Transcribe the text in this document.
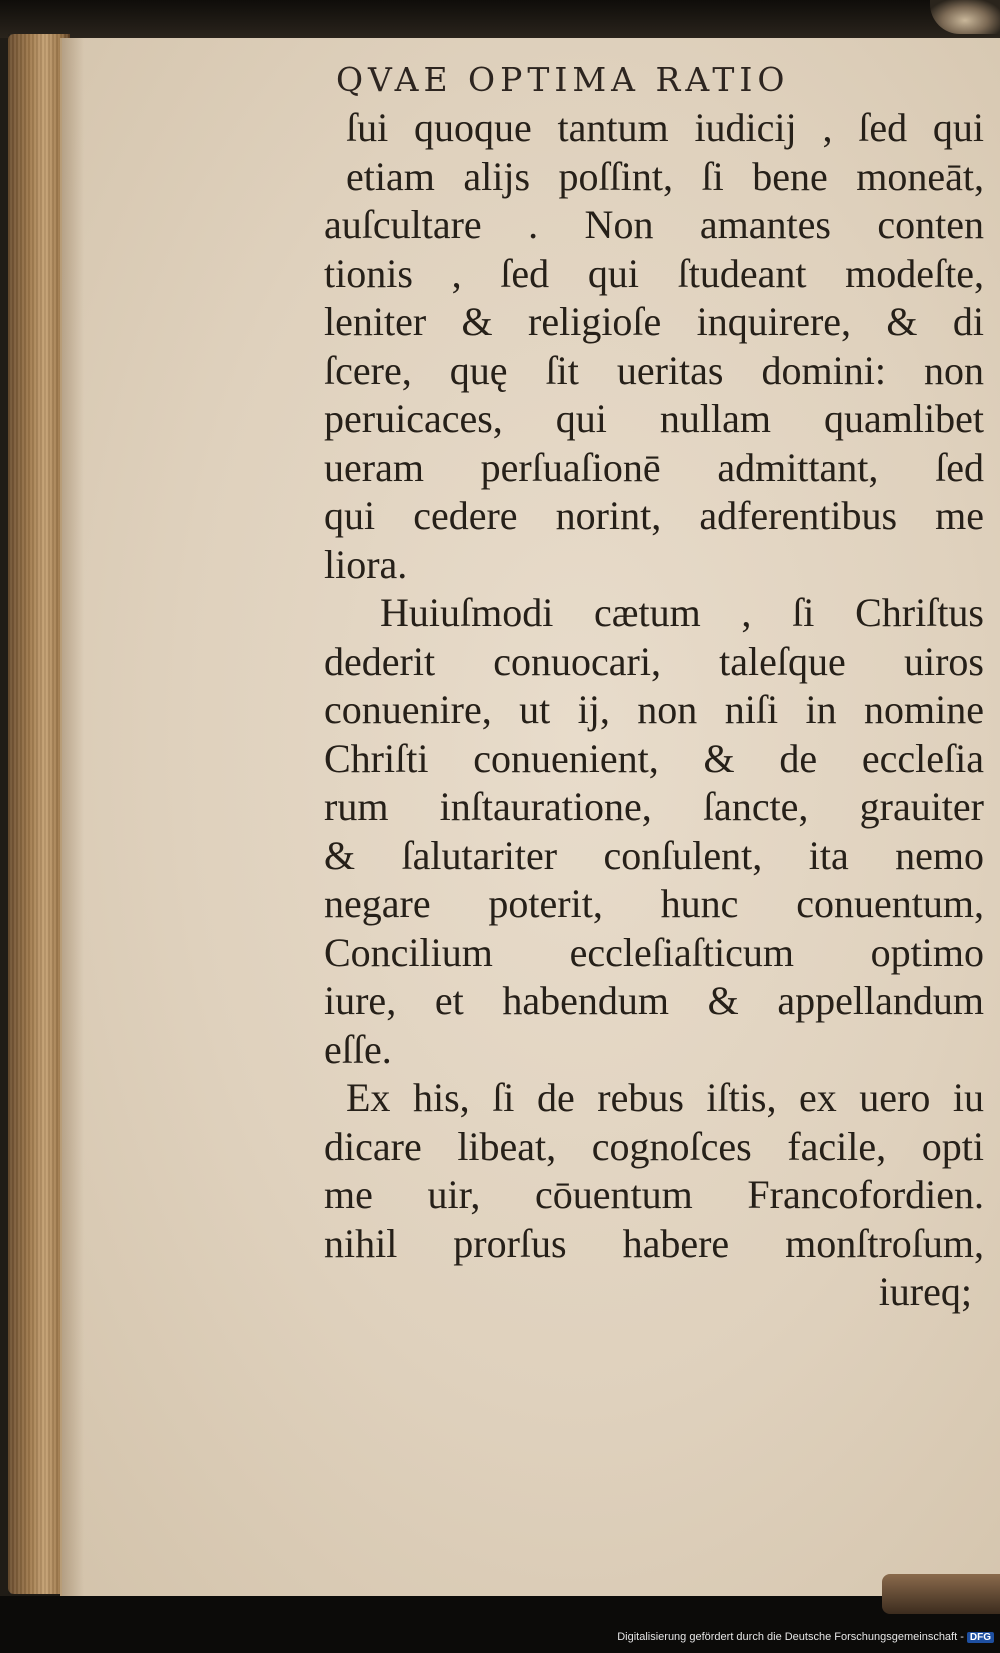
QVAE OPTIMA RATIO
ſui quoque tantum iudicij , ſed qui
etiam alijs poſſint, ſi bene moneāt,
auſcultare . Non amantes conten
tionis , ſed qui ſtudeant modeſte,
leniter & religioſe inquirere, & di
ſcere, quę ſit ueritas domini: non
peruicaces, qui nullam quamlibet
ueram perſuaſionē admittant, ſed
qui cedere norint, adferentibus me
liora.
Huiuſmodi cætum , ſi Chriſtus
dederit conuocari, taleſque uiros
conuenire, ut ij, non niſi in nomine
Chriſti conuenient, & de eccleſia
rum inſtauratione, ſancte, grauiter
& ſalutariter conſulent, ita nemo
negare poterit, hunc conuentum,
Concilium eccleſiaſticum optimo
iure, et habendum & appellandum
eſſe.
Ex his, ſi de rebus iſtis, ex uero iu
dicare libeat, cognoſces facile, opti
me uir, cōuentum Francofordien.
nihil prorſus habere monſtroſum,
iureq;
Digitalisierung gefördert durch die Deutsche Forschungsgemeinschaft - DFG
